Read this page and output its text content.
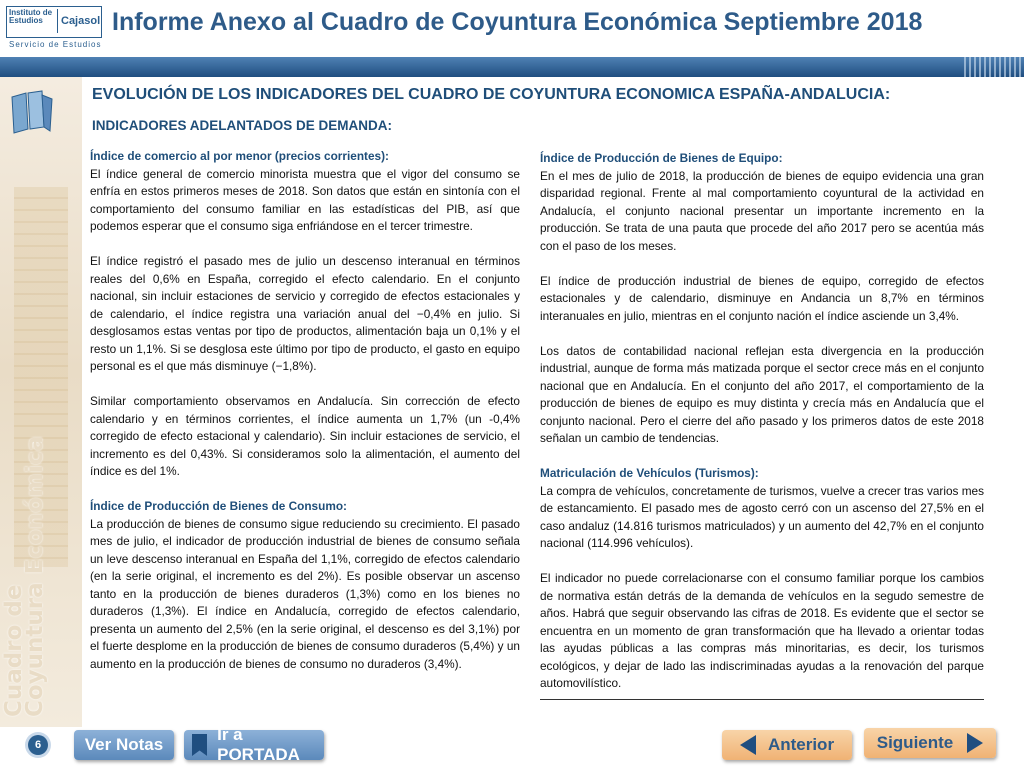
Instituto de Estudios	Cajasol
Servicio de Estudios
Informe Anexo al Cuadro de Coyuntura Económica Septiembre 2018
Cuadro de
Coyuntura Económica
EVOLUCIÓN DE LOS INDICADORES DEL CUADRO DE COYUNTURA ECONOMICA ESPAÑA-ANDALUCIA:
INDICADORES ADELANTADOS DE DEMANDA:

Índice de comercio al por menor (precios corrientes):
El índice general de comercio minorista muestra que el vigor del consumo se enfría en estos primeros meses de 2018. Son datos que están en sintonía con el comportamiento del consumo familiar en las estadísticas del PIB, así que podemos esperar que el consumo siga enfriándose en el tercer trimestre.

El índice registró el pasado mes de julio un descenso interanual en términos reales del 0,6% en España, corregido el efecto calendario. En el conjunto nacional, sin incluir estaciones de servicio y corregido de efectos estacionales y de calendario, el índice registra una variación anual del −0,4% en julio. Si desglosamos estas ventas por tipo de productos, alimentación baja un 0,1% y el resto un 1,1%. Si se desglosa este último por tipo de producto, el gasto en equipo personal es el que más disminuye (−1,8%).

Similar comportamiento observamos en Andalucía. Sin corrección de efecto calendario y en términos corrientes, el índice aumenta un 1,7% (un -0,4% corregido de efecto estacional y calendario). Sin incluir estaciones de servicio, el incremento es del 0,43%. Si consideramos solo la alimentación, el aumento del índice es del 1%.

Índice de Producción de Bienes de Consumo:
La producción de bienes de consumo sigue reduciendo su crecimiento. El pasado mes de julio, el indicador de producción industrial de bienes de consumo señala un leve descenso interanual en España del 1,1%, corregido de efectos calendario (en la serie original, el incremento es del 2%). Es posible observar un ascenso tanto en la producción de bienes duraderos (1,3%) como en los bienes no duraderos (1,3%). El índice en Andalucía, corregido de efectos calendario, presenta un aumento del 2,5% (en la serie original, el descenso es del 3,1%) por el fuerte desplome en la producción de bienes de consumo duraderos (5,4%) y un aumento en la producción de bienes de consumo no duraderos (3,4%).

Índice de Producción de Bienes de Equipo:
En el mes de julio de 2018, la producción de bienes de equipo evidencia una gran disparidad regional. Frente al mal comportamiento coyuntural de la actividad en Andalucía, el conjunto nacional presentar un importante incremento en la producción. Se trata de una pauta que procede del año 2017 pero se acentúa más con el paso de los meses.

El índice de producción industrial de bienes de equipo, corregido de efectos estacionales y de calendario, disminuye en Andancia un 8,7% en términos interanuales en julio, mientras en el conjunto nación el índice asciende un 3,4%.

Los datos de contabilidad nacional reflejan esta divergencia en la producción industrial, aunque de forma más matizada porque el sector crece más en el conjunto nacional que en Andalucía. En el conjunto del año 2017, el comportamiento de la producción de bienes de equipo es muy distinta y crecía más en Andalucía que el conjunto nacional. Pero el cierre del año pasado y los primeros datos de este 2018 señalan un cambio de tendencias.

Matriculación de Vehículos (Turismos):
La compra de vehículos, concretamente de turismos, vuelve a crecer tras varios mes de estancamiento. El pasado mes de agosto cerró con un ascenso del 27,5% en el caso andaluz (14.816 turismos matriculados) y un aumento del 42,7% en el conjunto nacional (114.996 vehículos).

El indicador no puede correlacionarse con el consumo familiar porque los cambios de normativa están detrás de la demanda de vehículos en la segudo semestre de años. Habrá que seguir observando las cifras de 2018. Es evidente que el sector se encuentra en un momento de gran transformación que ha llevado a orientar todas las ayudas públicas a las compras más minoritarias, es decir, los turismos ecológicos, y dejar de lado las indiscriminadas ayudas a la renovación del parque automovilístico.

6	Ver Notas
Ir a PORTADA
Anterior	Siguiente
